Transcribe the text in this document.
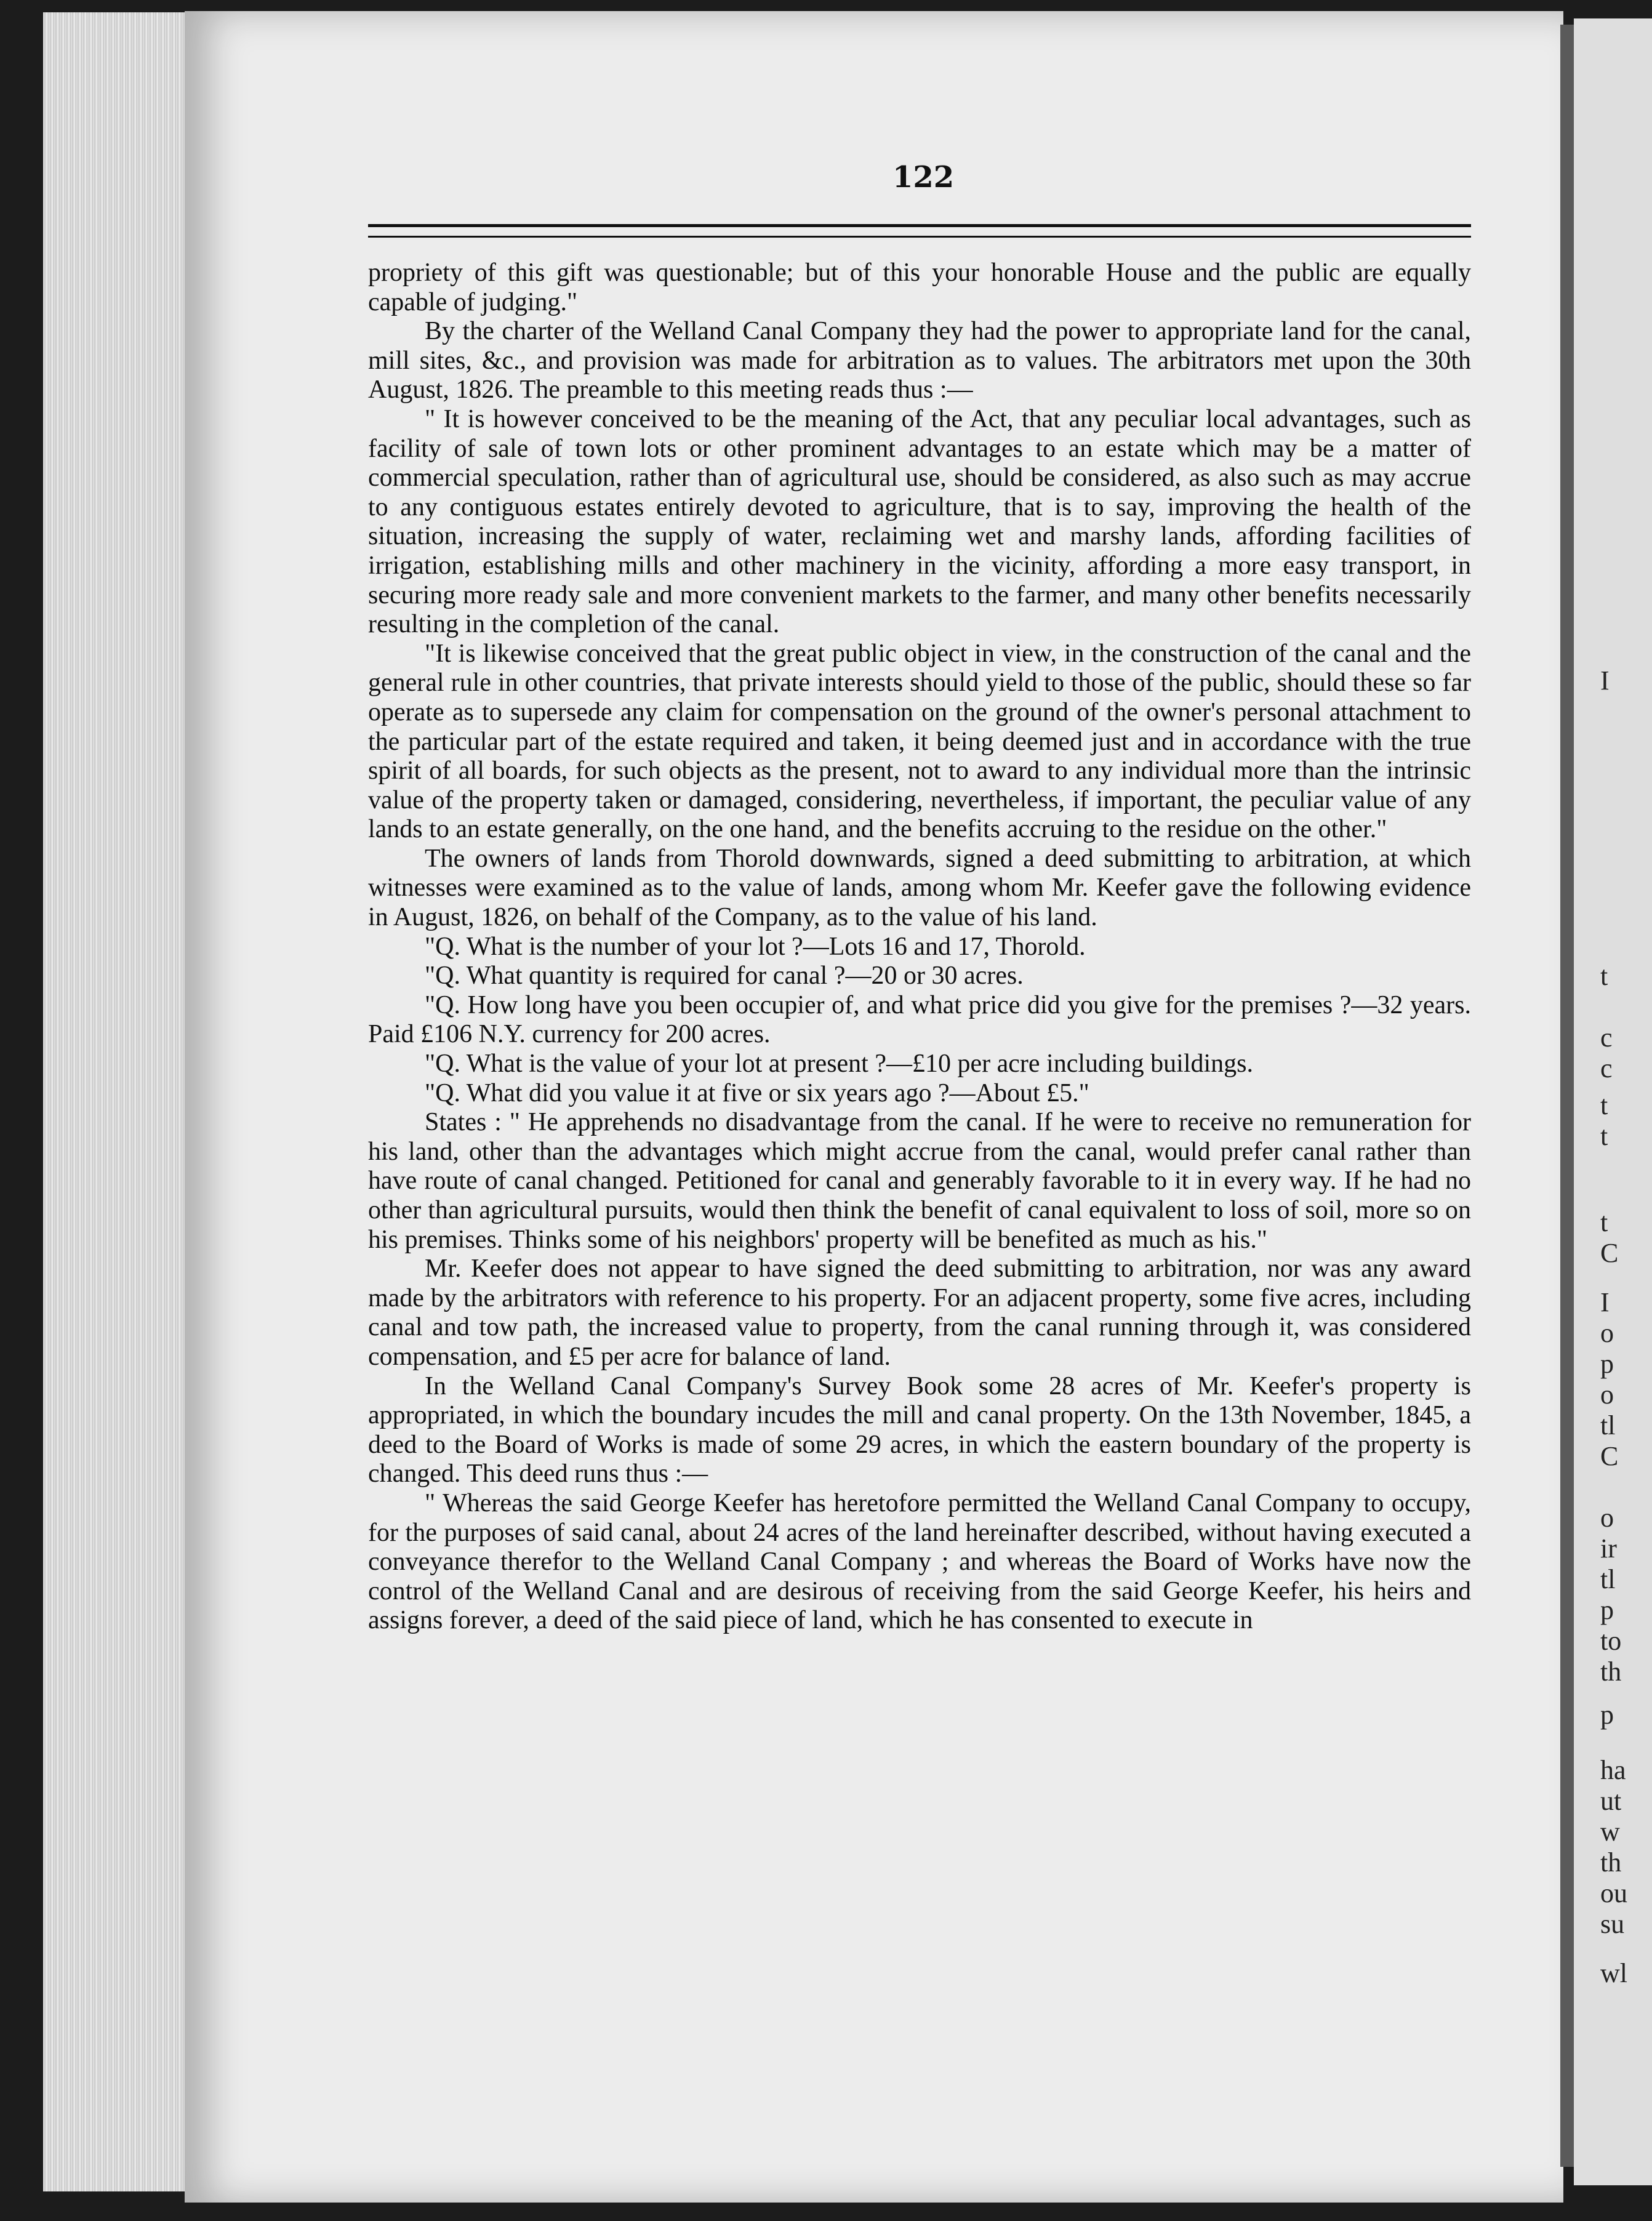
I
t
c
c
t
t
t
C
I
o
p
o
tl
C
o
ir
tl
p
to
th
p
ha
ut
w
th
ou
su
wl
122

propriety of this gift was questionable; but of this your honorable House and the public are equally capable of judging."

By the charter of the Welland Canal Company they had the power to appropriate land for the canal, mill sites, &c., and provision was made for arbitration as to values. The arbitrators met upon the 30th August, 1826. The preamble to this meeting reads thus :—

" It is however conceived to be the meaning of the Act, that any peculiar local advantages, such as facility of sale of town lots or other prominent advantages to an estate which may be a matter of commercial speculation, rather than of agricultural use, should be considered, as also such as may accrue to any contiguous estates entirely devoted to agriculture, that is to say, improving the health of the situation, increasing the supply of water, reclaiming wet and marshy lands, affording facilities of irrigation, establishing mills and other machinery in the vicinity, affording a more easy transport, in securing more ready sale and more convenient markets to the farmer, and many other benefits necessarily resulting in the completion of the canal.

"It is likewise conceived that the great public object in view, in the construction of the canal and the general rule in other countries, that private interests should yield to those of the public, should these so far operate as to supersede any claim for compensation on the ground of the owner's personal attachment to the particular part of the estate required and taken, it being deemed just and in accordance with the true spirit of all boards, for such objects as the present, not to award to any individual more than the intrinsic value of the property taken or damaged, considering, nevertheless, if important, the peculiar value of any lands to an estate generally, on the one hand, and the benefits accruing to the residue on the other."

The owners of lands from Thorold downwards, signed a deed submitting to arbitration, at which witnesses were examined as to the value of lands, among whom Mr. Keefer gave the following evidence in August, 1826, on behalf of the Company, as to the value of his land.

"Q. What is the number of your lot ?—Lots 16 and 17, Thorold.

"Q. What quantity is required for canal ?—20 or 30 acres.

"Q. How long have you been occupier of, and what price did you give for the premises ?—32 years. Paid £106 N.Y. currency for 200 acres.

"Q. What is the value of your lot at present ?—£10 per acre including buildings.

"Q. What did you value it at five or six years ago ?—About £5."

States : " He apprehends no disadvantage from the canal. If he were to receive no remuneration for his land, other than the advantages which might accrue from the canal, would prefer canal rather than have route of canal changed. Petitioned for canal and generably favorable to it in every way. If he had no other than agricultural pursuits, would then think the benefit of canal equivalent to loss of soil, more so on his premises. Thinks some of his neighbors' property will be benefited as much as his."

Mr. Keefer does not appear to have signed the deed submitting to arbitration, nor was any award made by the arbitrators with reference to his property. For an adjacent property, some five acres, including canal and tow path, the increased value to property, from the canal running through it, was considered compensation, and £5 per acre for balance of land.

In the Welland Canal Company's Survey Book some 28 acres of Mr. Keefer's property is appropriated, in which the boundary incudes the mill and canal property. On the 13th November, 1845, a deed to the Board of Works is made of some 29 acres, in which the eastern boundary of the property is changed. This deed runs thus :—

" Whereas the said George Keefer has heretofore permitted the Welland Canal Company to occupy, for the purposes of said canal, about 24 acres of the land hereinafter described, without having executed a conveyance therefor to the Welland Canal Company ; and whereas the Board of Works have now the control of the Welland Canal and are desirous of receiving from the said George Keefer, his heirs and assigns forever, a deed of the said piece of land, which he has consented to execute in
